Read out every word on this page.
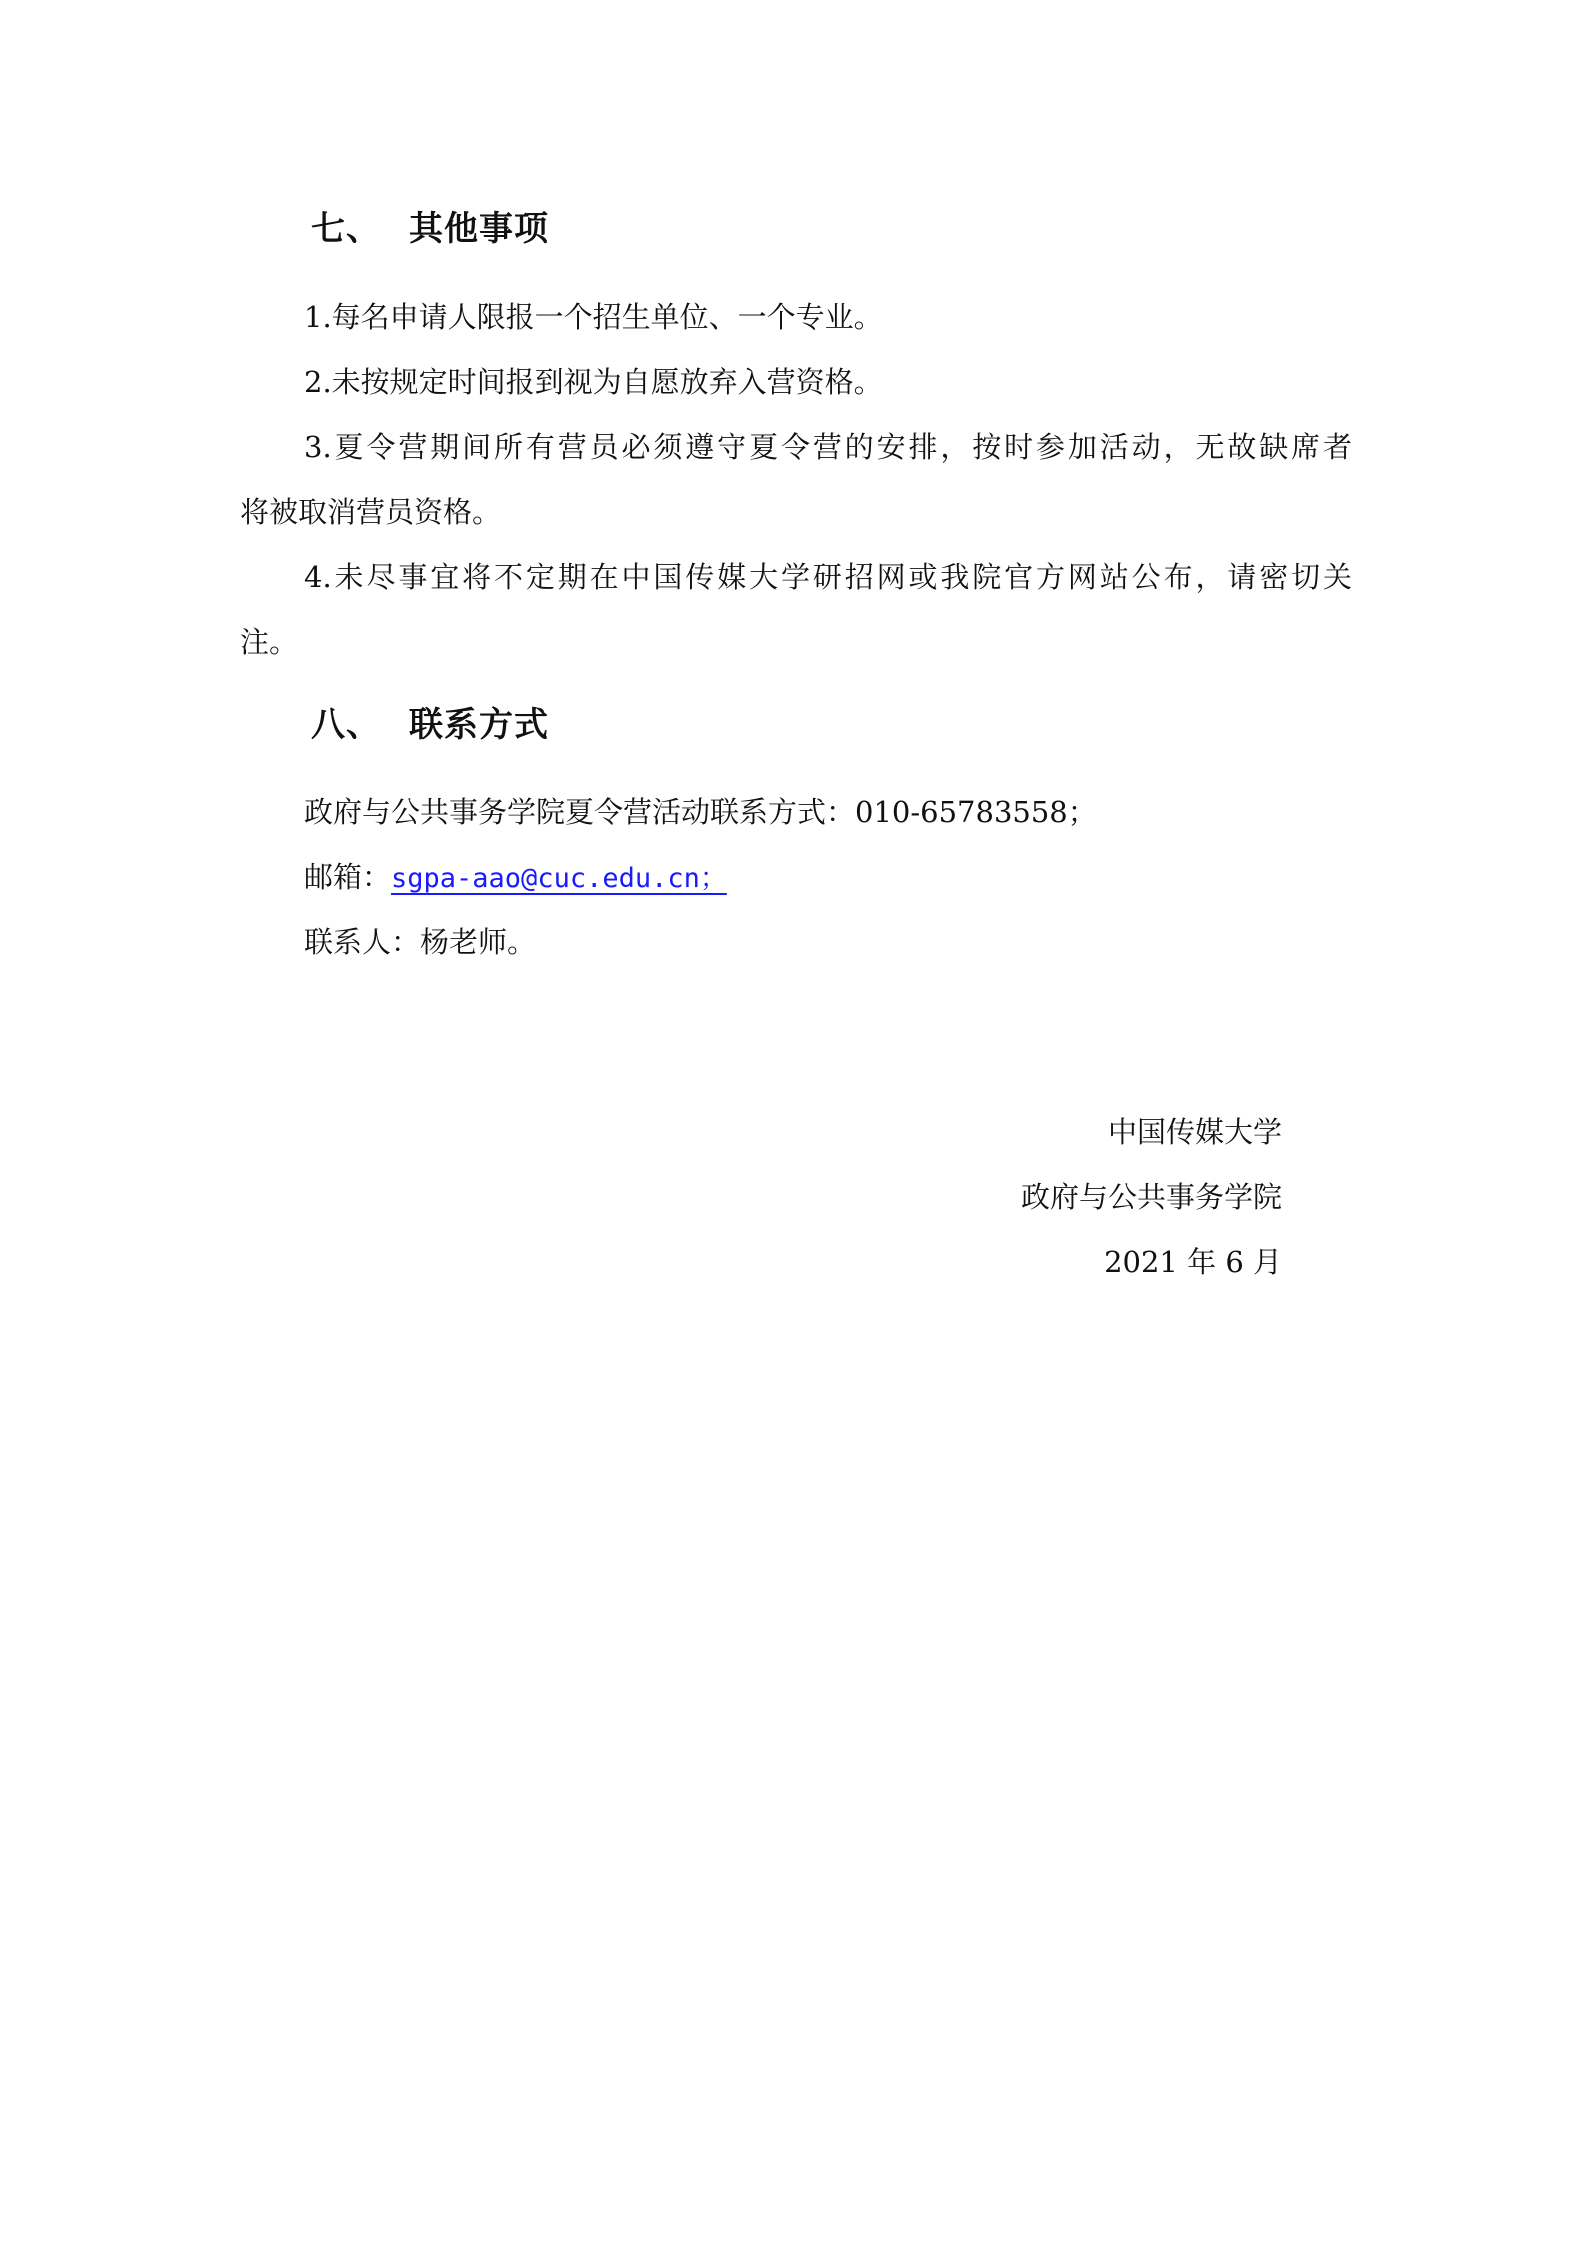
七、 其他事项
1.每名申请人限报一个招生单位、一个专业。
2.未按规定时间报到视为自愿放弃入营资格。
3.夏令营期间所有营员必须遵守夏令营的安排，按时参加活动，无故缺席者
将被取消营员资格。
4.未尽事宜将不定期在中国传媒大学研招网或我院官方网站公布，请密切关
注。
八、 联系方式
政府与公共事务学院夏令营活动联系方式：010-65783558；
邮箱：sgpa-aao@cuc.edu.cn；
联系人：杨老师。
中国传媒大学
政府与公共事务学院
2021 年 6 月
